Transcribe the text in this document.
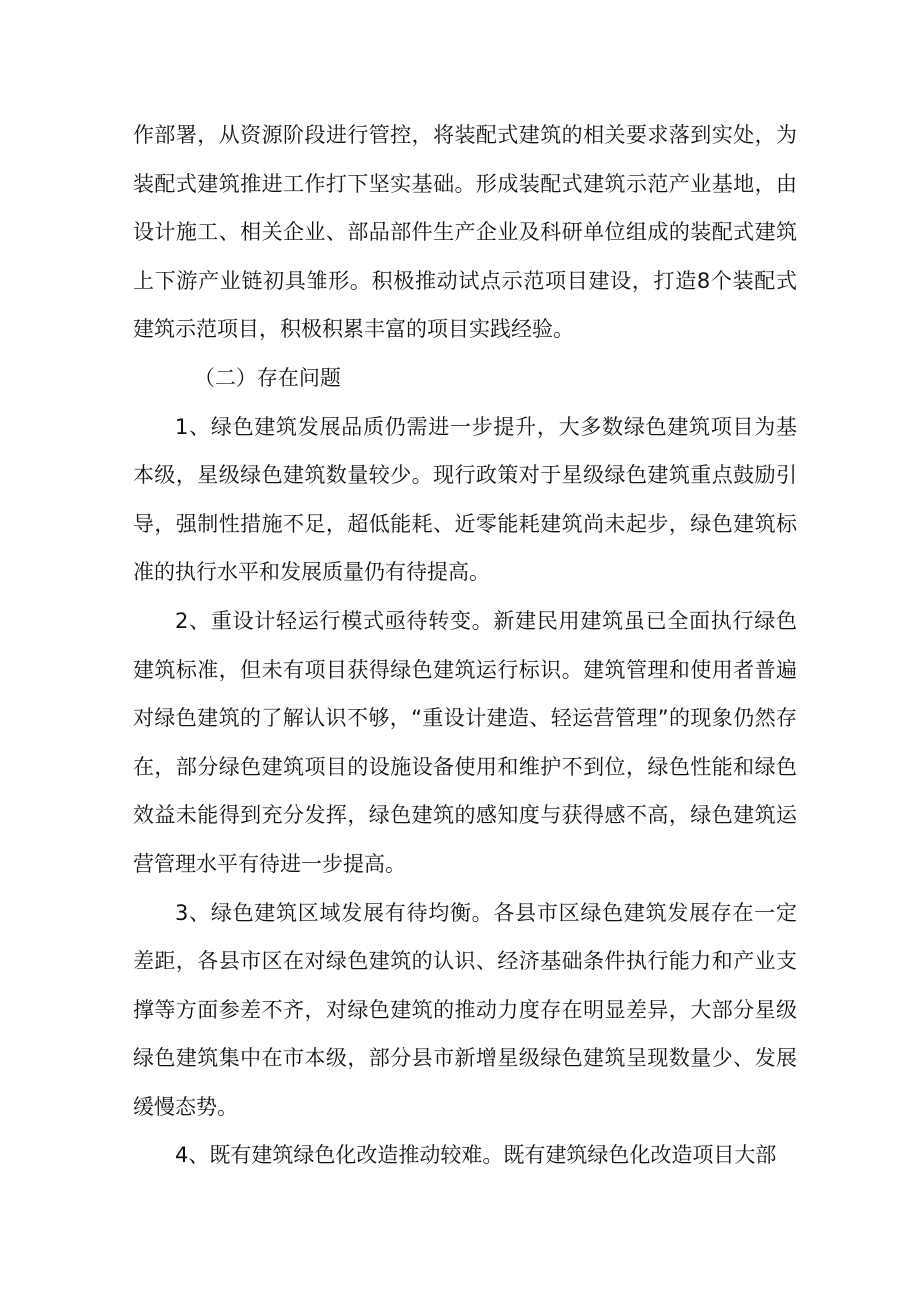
作部署，从资源阶段进行管控，将装配式建筑的相关要求落到实处，为装配式建筑推进工作打下坚实基础。形成装配式建筑示范产业基地，由设计施工、相关企业、部品部件生产企业及科研单位组成的装配式建筑上下游产业链初具雏形。积极推动试点示范项目建设，打造8个装配式建筑示范项目，积极积累丰富的项目实践经验。

（二）存在问题

1、绿色建筑发展品质仍需进一步提升，大多数绿色建筑项目为基本级，星级绿色建筑数量较少。现行政策对于星级绿色建筑重点鼓励引导，强制性措施不足，超低能耗、近零能耗建筑尚未起步，绿色建筑标准的执行水平和发展质量仍有待提高。

2、重设计轻运行模式亟待转变。新建民用建筑虽已全面执行绿色建筑标准，但未有项目获得绿色建筑运行标识。建筑管理和使用者普遍对绿色建筑的了解认识不够，“重设计建造、轻运营管理”的现象仍然存在，部分绿色建筑项目的设施设备使用和维护不到位，绿色性能和绿色效益未能得到充分发挥，绿色建筑的感知度与获得感不高，绿色建筑运营管理水平有待进一步提高。

3、绿色建筑区域发展有待均衡。各县市区绿色建筑发展存在一定差距，各县市区在对绿色建筑的认识、经济基础条件执行能力和产业支撑等方面参差不齐，对绿色建筑的推动力度存在明显差异，大部分星级绿色建筑集中在市本级，部分县市新增星级绿色建筑呈现数量少、发展缓慢态势。

4、既有建筑绿色化改造推动较难。既有建筑绿色化改造项目大部
